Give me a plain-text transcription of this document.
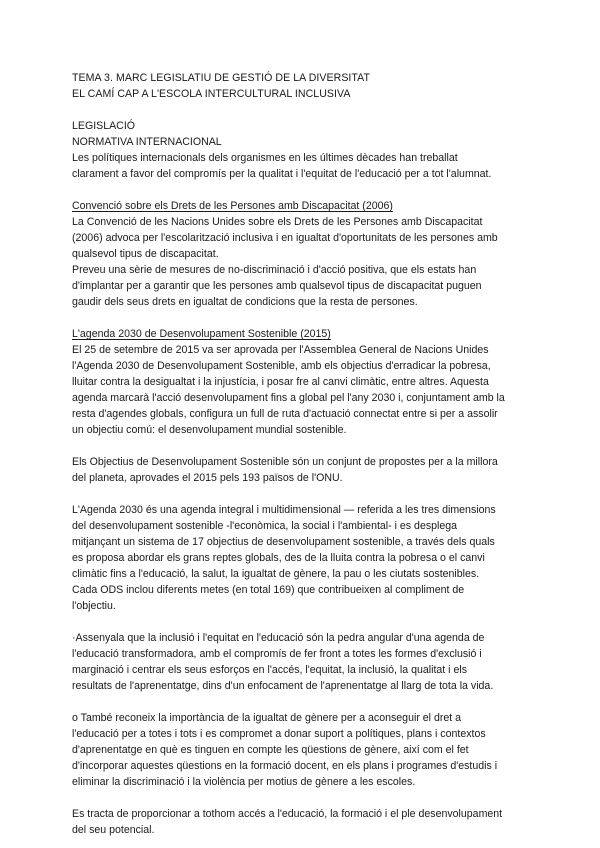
TEMA 3. MARC LEGISLATIU DE GESTIÓ DE LA DIVERSITAT
EL CAMÍ CAP A L'ESCOLA INTERCULTURAL INCLUSIVA
LEGISLACIÓ
NORMATIVA INTERNACIONAL
Les polítiques internacionals dels organismes en les últimes dècades han treballat
clarament a favor del compromís per la qualitat i l'equitat de l'educació per a tot l'alumnat.
Convenció sobre els Drets de les Persones amb Discapacitat (2006)
La Convenció de les Nacions Unides sobre els Drets de les Persones amb Discapacitat
(2006) advoca per l'escolarització inclusiva i en igualtat d'oportunitats de les persones amb
qualsevol tipus de discapacitat.
Preveu una sèrie de mesures de no-discriminació i d'acció positiva, que els estats han
d'implantar per a garantir que les persones amb qualsevol tipus de discapacitat puguen
gaudir dels seus drets en igualtat de condicions que la resta de persones.
L'agenda 2030 de Desenvolupament Sostenible (2015)
El 25 de setembre de 2015 va ser aprovada per l'Assemblea General de Nacions Unides
l'Agenda 2030 de Desenvolupament Sostenible, amb els objectius d'erradicar la pobresa,
lluitar contra la desigualtat i la injustícia, i posar fre al canvi climàtic, entre altres. Aquesta
agenda marcarà l'acció desenvolupament fins a global pel l'any 2030 i, conjuntament amb la
resta d'agendes globals, configura un full de ruta d'actuació connectat entre si per a assolir
un objectiu comú: el desenvolupament mundial sostenible.
Els Objectius de Desenvolupament Sostenible són un conjunt de propostes per a la millora
del planeta, aprovades el 2015 pels 193 països de l'ONU.
L'Agenda 2030 és una agenda integral i multidimensional — referida a les tres dimensions
del desenvolupament sostenible -l'econòmica, la social i l'ambiental- i es desplega
mitjançant un sistema de 17 objectius de desenvolupament sostenible, a través dels quals
es proposa abordar els grans reptes globals, des de la lluita contra la pobresa o el canvi
climàtic fins a l'educació, la salut, la igualtat de gènere, la pau o les ciutats sostenibles.
Cada ODS inclou diferents metes (en total 169) que contribueixen al compliment de
l'objectiu.
·Assenyala que la inclusió i l'equitat en l'educació són la pedra angular d'una agenda de
l'educació transformadora, amb el compromís de fer front a totes les formes d'exclusió i
marginació i centrar els seus esforços en l'accés, l'equitat, la inclusió, la qualitat i els
resultats de l'aprenentatge, dins d'un enfocament de l'aprenentatge al llarg de tota la vida.
o També reconeix la importància de la igualtat de gènere per a aconseguir el dret a
l'educació per a totes i tots i es compromet a donar suport a polítiques, plans i contextos
d'aprenentatge en què es tinguen en compte les qüestions de gènere, així com el fet
d'incorporar aquestes qüestions en la formació docent, en els plans i programes d'estudis i
eliminar la discriminació i la violència per motius de gènere a les escoles.
Es tracta de proporcionar a tothom accés a l'educació, la formació i el ple desenvolupament
del seu potencial.
